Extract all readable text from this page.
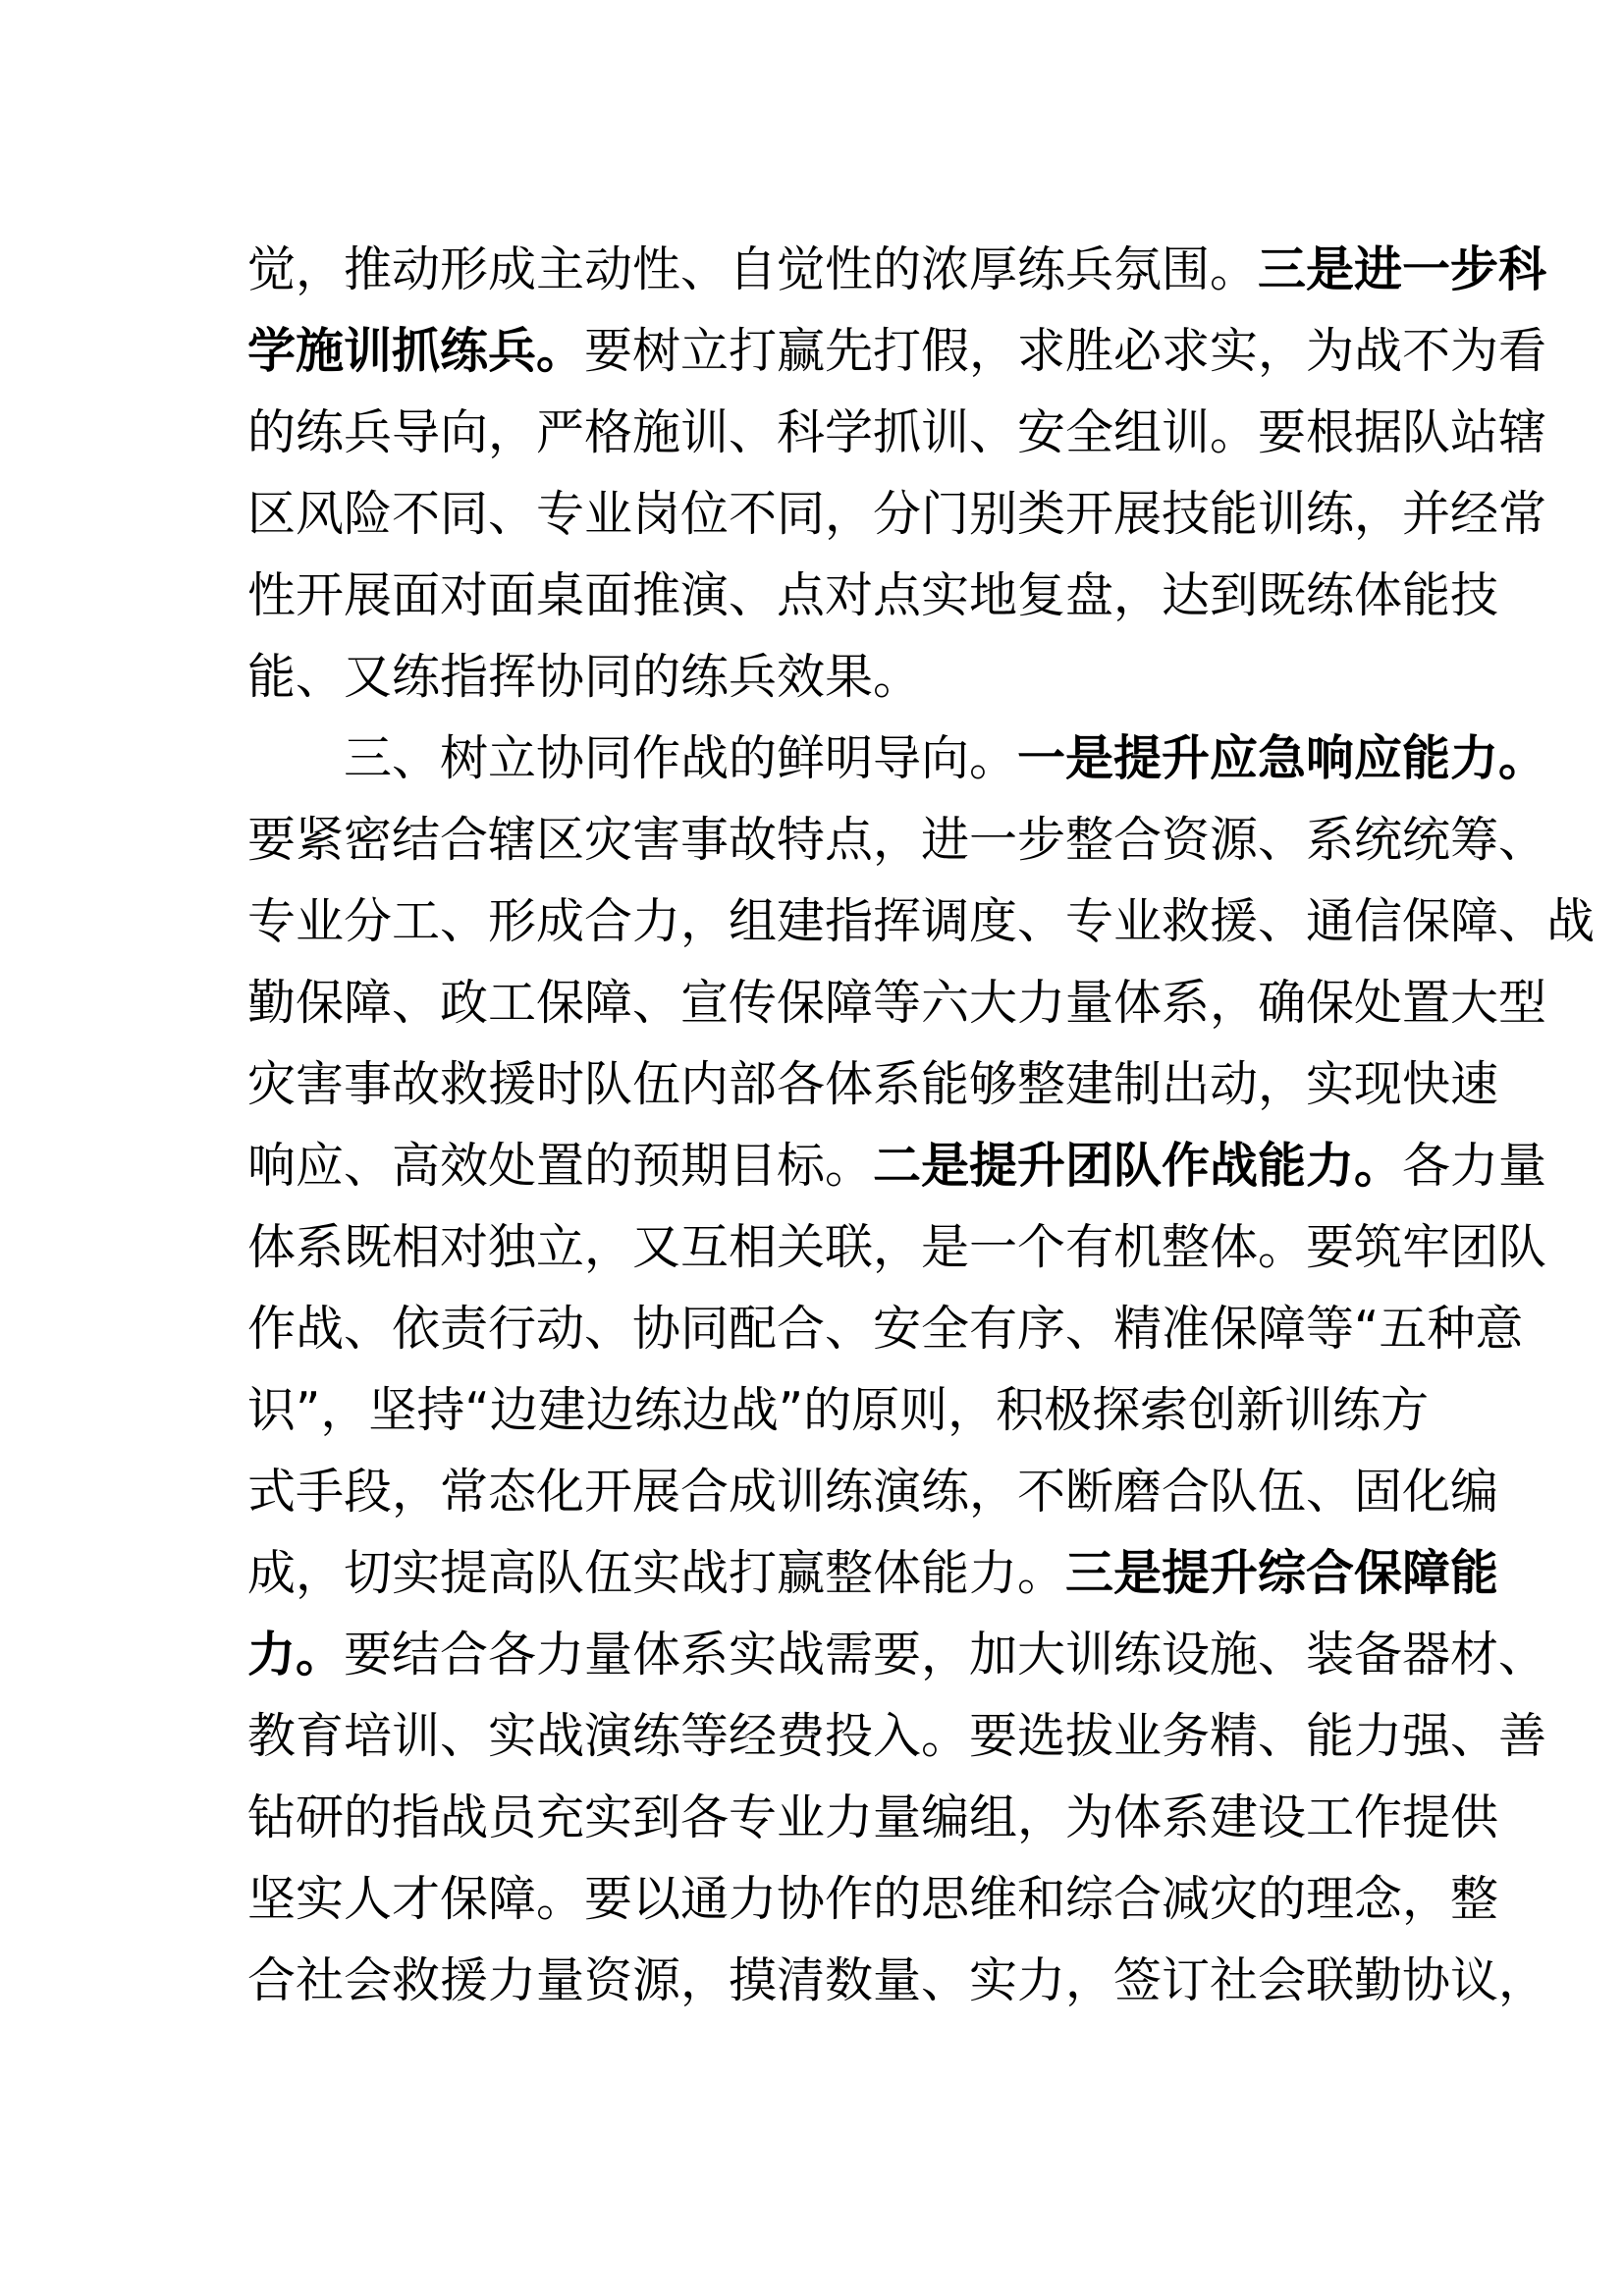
觉，推动形成主动性、自觉性的浓厚练兵氛围。三是进一步科
学施训抓练兵。要树立打赢先打假，求胜必求实，为战不为看
的练兵导向，严格施训、科学抓训、安全组训。要根据队站辖
区风险不同、专业岗位不同，分门别类开展技能训练，并经常
性开展面对面桌面推演、点对点实地复盘，达到既练体能技
能、又练指挥协同的练兵效果。
三、树立协同作战的鲜明导向。一是提升应急响应能力。
要紧密结合辖区灾害事故特点，进一步整合资源、系统统筹、
专业分工、形成合力，组建指挥调度、专业救援、通信保障、战
勤保障、政工保障、宣传保障等六大力量体系，确保处置大型
灾害事故救援时队伍内部各体系能够整建制出动，实现快速
响应、高效处置的预期目标。二是提升团队作战能力。各力量
体系既相对独立，又互相关联，是一个有机整体。要筑牢团队
作战、依责行动、协同配合、安全有序、精准保障等“五种意
识”，坚持“边建边练边战”的原则，积极探索创新训练方
式手段，常态化开展合成训练演练，不断磨合队伍、固化编
成，切实提高队伍实战打赢整体能力。三是提升综合保障能
力。要结合各力量体系实战需要，加大训练设施、装备器材、
教育培训、实战演练等经费投入。要选拔业务精、能力强、善
钻研的指战员充实到各专业力量编组，为体系建设工作提供
坚实人才保障。要以通力协作的思维和综合减灾的理念，整
合社会救援力量资源，摸清数量、实力，签订社会联勤协议，
